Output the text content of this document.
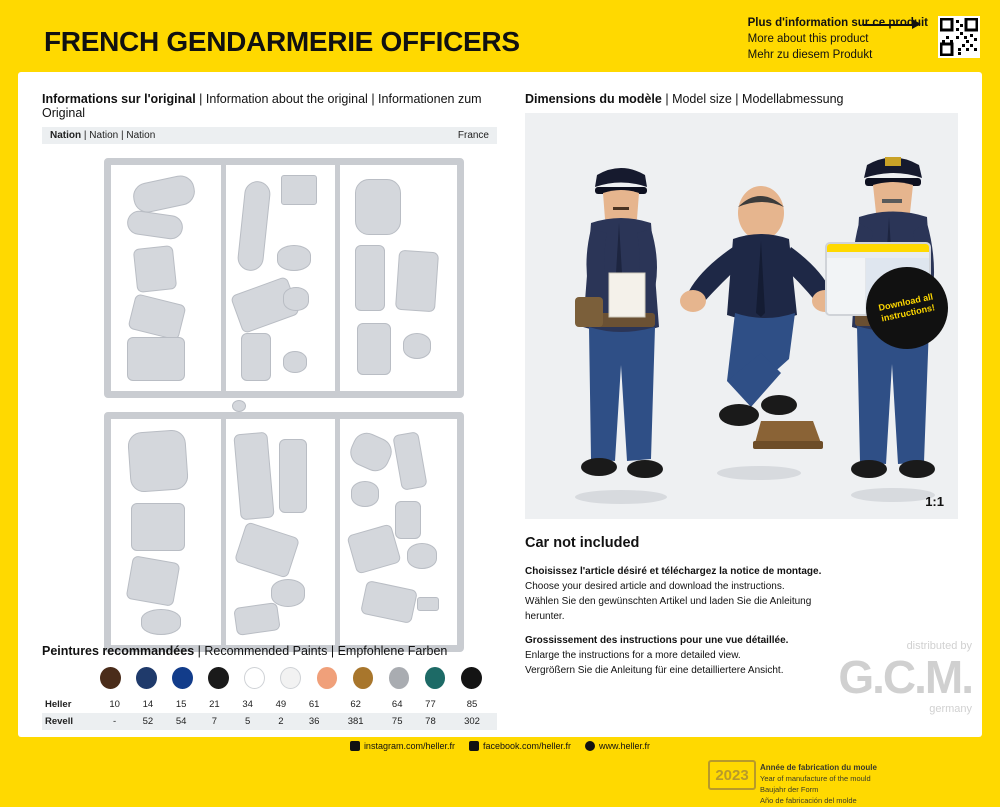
FRENCH GENDARMERIE OFFICERS
Plus d'information sur ce produit
More about this product
Mehr zu diesem Produkt
Informations sur l'original | Information about the original | Informationen zum Original
Nation | Nation | Nation	France
Peintures recommandées | Recommended Paints | Empfohlene Farben
Heller	10	14	15	21	34	49	61	62	64	77	85
Revell	-	52	54	7	5	2	36	381	75	78	302
Dimensions du modèle | Model size | Modellabmessung
1:1
Car not included

Choisissez l'article désiré et téléchargez la notice de montage.
Choose your desired article and download the instructions.
Wählen Sie den gewünschten Artikel und laden Sie die Anleitung herunter.

Grossissement des instructions pour une vue détaillée.
Enlarge the instructions for a more detailed view.
Vergrößern Sie die Anleitung für eine detailliertere Ansicht.

Download all instructions!
2023	Année de fabrication du moule
Year of manufacture of the mould
Baujahr der Form
Año de fabricación del molde
distributed by
G.C.M.
germany
instagram.com/heller.fr	facebook.com/heller.fr	www.heller.fr
